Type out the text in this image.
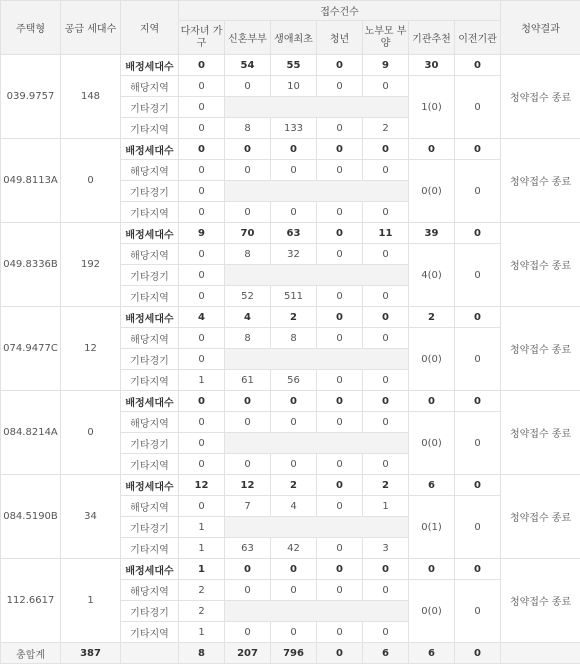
주택형	공급 세대수	지역	접수건수							청약결과
			다자녀 가구	신혼부부	생애최초	청년	노부모 부양	기관추천	이전기관	
039.9757	148	배정세대수	0	54	55	0	9	30	0	청약접수 종료
		해당지역	0	0	10	0	0	1(0)	0	
		기타경기	0							
		기타지역	0	8	133	0	2			
049.8113A	0	배정세대수	0	0	0	0	0	0	0	청약접수 종료
		해당지역	0	0	0	0	0	0(0)	0	
		기타경기	0							
		기타지역	0	0	0	0	0			
049.8336B	192	배정세대수	9	70	63	0	11	39	0	청약접수 종료
		해당지역	0	8	32	0	0	4(0)	0	
		기타경기	0							
		기타지역	0	52	511	0	0			
074.9477C	12	배정세대수	4	4	2	0	0	2	0	청약접수 종료
		해당지역	0	8	8	0	0	0(0)	0	
		기타경기	0							
		기타지역	1	61	56	0	0			
084.8214A	0	배정세대수	0	0	0	0	0	0	0	청약접수 종료
		해당지역	0	0	0	0	0	0(0)	0	
		기타경기	0							
		기타지역	0	0	0	0	0			
084.5190B	34	배정세대수	12	12	2	0	2	6	0	청약접수 종료
		해당지역	0	7	4	0	1	0(1)	0	
		기타경기	1							
		기타지역	1	63	42	0	3			
112.6617	1	배정세대수	1	0	0	0	0	0	0	청약접수 종료
		해당지역	2	0	0	0	0	0(0)	0	
		기타경기	2							
		기타지역	1	0	0	0	0			
총합계	387		8	207	796	0	6	6	0	
